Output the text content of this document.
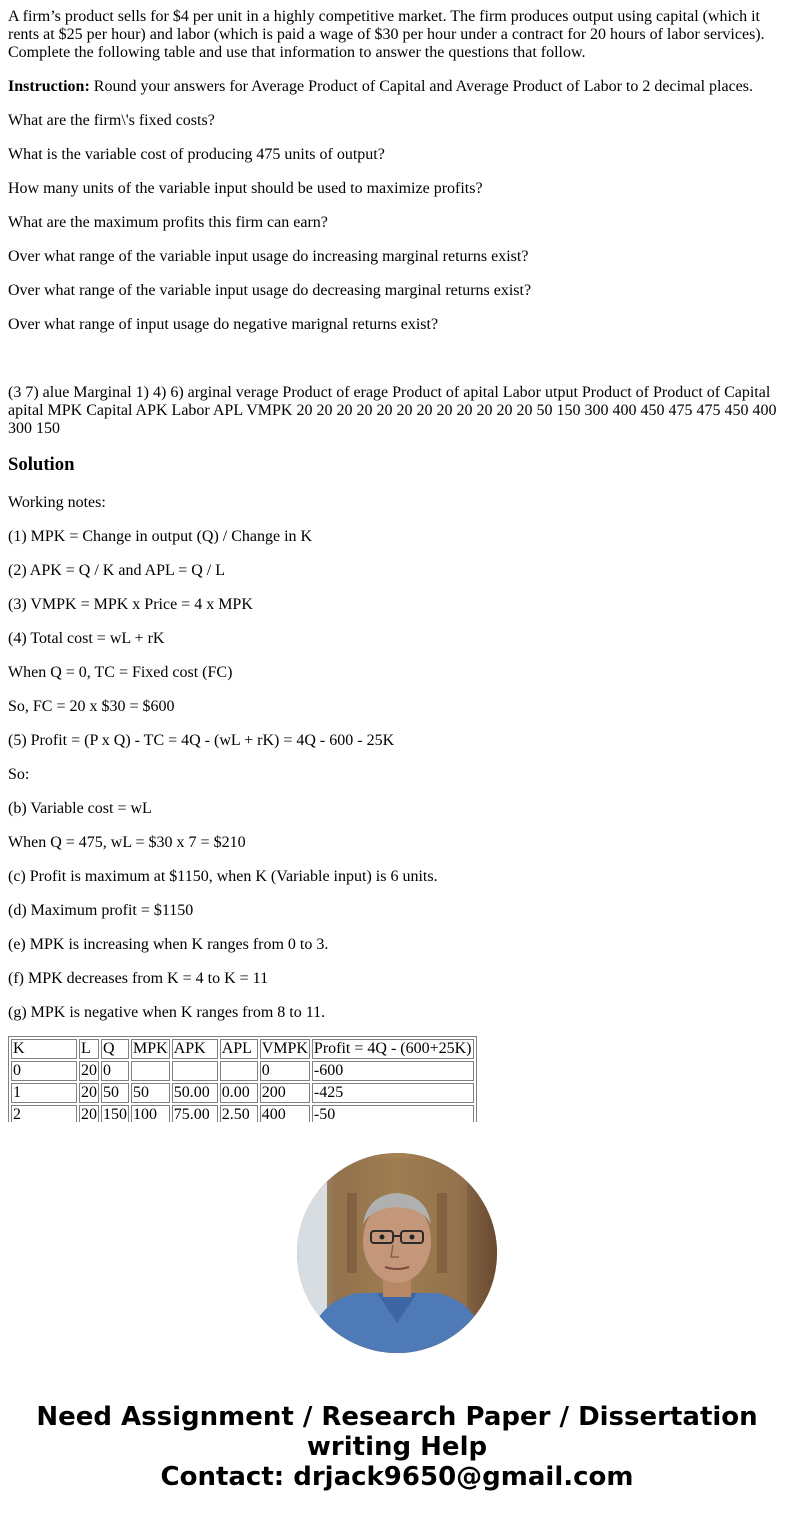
A firm’s product sells for $4 per unit in a highly competitive market. The firm produces output using capital (which it rents at $25 per hour) and labor (which is paid a wage of $30 per hour under a contract for 20 hours of labor services). Complete the following table and use that information to answer the questions that follow.

Instruction: Round your answers for Average Product of Capital and Average Product of Labor to 2 decimal places.

What are the firm\'s fixed costs?

What is the variable cost of producing 475 units of output?

How many units of the variable input should be used to maximize profits?

What are the maximum profits this firm can earn?

Over what range of the variable input usage do increasing marginal returns exist?

Over what range of the variable input usage do decreasing marginal returns exist?

Over what range of input usage do negative marignal returns exist?

(3 7) alue Marginal 1) 4) 6) arginal verage Product of erage Product of apital Labor utput Product of Product of Capital apital MPK Capital APK Labor APL VMPK 20 20 20 20 20 20 20 20 20 20 20 20 50 150 300 400 450 475 475 450 400 300 150

Solution

Working notes:

(1) MPK = Change in output (Q) / Change in K

(2) APK = Q / K and APL = Q / L

(3) VMPK = MPK x Price = 4 x MPK

(4) Total cost = wL + rK

When Q = 0, TC = Fixed cost (FC)

So, FC = 20 x $30 = $600

(5) Profit = (P x Q) - TC = 4Q - (wL + rK) = 4Q - 600 - 25K

So:

(b) Variable cost = wL

When Q = 475, wL = $30 x 7 = $210

(c) Profit is maximum at $1150, when K (Variable input) is 6 units.

(d) Maximum profit = $1150

(e) MPK is increasing when K ranges from 0 to 3.

(f) MPK decreases from K = 4 to K = 11

(g) MPK is negative when K ranges from 8 to 11.

K	L	Q	MPK	APK	APL	VMPK	Profit = 4Q - (600+25K)
0	20	0				0	-600
1	20	50	50	50.00	0.00	200	-425
2	20	150	100	75.00	2.50	400	-50
Need Assignment / Research Paper / Dissertation
writing Help
Contact: drjack9650@gmail.com
